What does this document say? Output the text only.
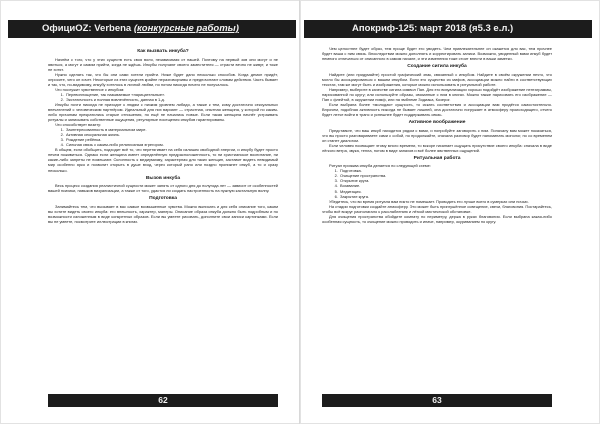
ОфициOZ: Verbena (конкурсные работы)
Как вызвать инкуба?

Начнём с того, что у этих существ есть своя воля, независимая от нашей. Поэтому на первый зов они могут и не явиться, а могут и самим прийти, когда не ждёшь. Инкубы получают своего заместителя — страсти вечно не живут, и тоже не хотят.

Нужно сделать так, что бы они сами хотели прийти. Ниже будет дано несколько способов. Когда демон придёт, опросите, чего он хочет. Некоторые из этих существ крайне неразговорчивы и предпочитают словам действия. Часть бывает и так, что, по-видимому, инкубу хотелось в личной любви, но потом никогда ничего не получалось.

Что послужит чувственное с инкубом:

1. Перевоплощение, так называемые «нарицательные».
2. Экстатичность и полная вовлечённость, данная в 1-д.

Инкубы почти никогда не приходят к людям с низким уровнем либидо, а также к тем, кому достаточно сексуальных впечатлений с человеческим партнёром. Идеальный для них вариант — страстная, опытная женщина, у которой по каким-либо причинам прекратились старые отношения, но ещё не начались новые. Если такая женщина начнёт устраивать ритуалы и записывать собственные ощущения, регулярные посещения инкубов гарантированы.

Что способствует визиту:

1. Заинтересованность в материальном мире.
2. Активная сексуальная жизнь.
3. Рождение ребёнка.
4. Сильная связь с каким-либо религиозным эгрегором.

В общем, если обобщить, подходит всё то, что перетягивает на себя излишек свободной энергии, и инкубу будет просто нечем поживиться. Однако если женщина имеет определённую предрасположенность, то ни христианское воспитание, ни какие-либо запреты не помешают. Склонность к медиумизму, характерная для таких женщин, заставит видеть невидимый мир особенно ярко и позволит открыть в душе вход, через который рано или поздно проникнет инкуб, а то и сразу несколько.

Вызов инкуба

Весь процесс создания реалистичной сущности может занять от одного дня до полугода лет — зависит от особенностей вашей психики, навыков визуализации, а также от того, удастся ли создать настроенность на нужную кастальную волну.

Подготовка

Занимайтесь тем, что вызывает в вас самые возвышенные чувства. Можно выписать и для себя описание того, каким вы хотите видеть своего инкуба: его внешность, характер, манеры. Описание образа инкуба должно быть подробным и по возможности изложенным в виде конкретных образов. Если вы умеете рисовать, дополните свои записи картинками. Если вы не умеете, посмотрите иллюстрации в книгах.

62
Апокриф-125: март 2018 (я5.3 е.л.)

Чем целостнее будет образ, тем проще будет его увидеть. Чем привлекательнее он окажется для вас, тем прочнее будет ваша с ним связь. Впоследствии можно дополнять и корректировать записи. Возможно, увиденный вами инкуб будет немного отличаться от описанного в самом начале, и эти изменения тоже стоит внести в ваши заметки.

Создание сигила инкуба

Найдите (или придумайте) простой графический знак, связанный с инкубом. Найдите в своём окружении нечто, что могло бы ассоциироваться с вашим инкубом. Если это существо из мифов, ассоциации можно найти в соответствующих текстах, там же могут быть и изображения, которые можно использовать в ритуальной работе.

Например, выберите в качестве сигила символ Пан. Для его визуализации хорошо подойдёт изображение пентаграммы, нарисованной по кругу; или используйте образы, связанные с ним в книгах. Можно также нарисовать его изображение — Пан с флейтой, в окружении нимф, или на эмблеме Зодиака, Козерог.

Если выбрана более «молодая» сущность, то искать соответствия и ассоциации вам придётся самостоятельно. Впрочем, подобная активность никогда не бывает лишней, она достаточно погружает в атмосферу происходящего, отчего будет легче войти в транс и успешнее будет поддерживать связь.

Активное воображение

Представьте, что ваш инкуб находится рядом с вами, и попробуйте заговорить с ним. Поначалу вам может показаться, что вы просто разговариваете сами с собой, но продолжайте, сначала разговор будет напоминать монолог, но со временем он станет диалогом.

Если человек посвящает этому много времени, то вскоре начинает ощущать присутствие своего инкуба: сначала в виде лёгкого ветра, звука, тепла, потом в виде запахов и всё более явственных ощущений.

Ритуальная работа

Ритуал призыва инкуба делается по следующей схеме:

1. Подготовка.
2. Очищение пространства.
3. Открытие круга.
4. Воззвание.
5. Медитация.
6. Закрытие круга.

Убедитесь, что во время ритуала вам никто не помешает. Проводить его лучше всего в сумерках или ночью.

На стадии подготовки создайте атмосферу. Это может быть приглушённое освещение, свечи, благовония. Постарайтесь, чтобы всё вокруг располагало к расслаблению и лёгкой мистической обстановке.

Для очищения пространства обойдите комнату по периметру, держа в руках благовония. Если выбрана какая-либо особенная сущность, то очищение можно проводить и иначе, например, окуриванием по кругу.

63
